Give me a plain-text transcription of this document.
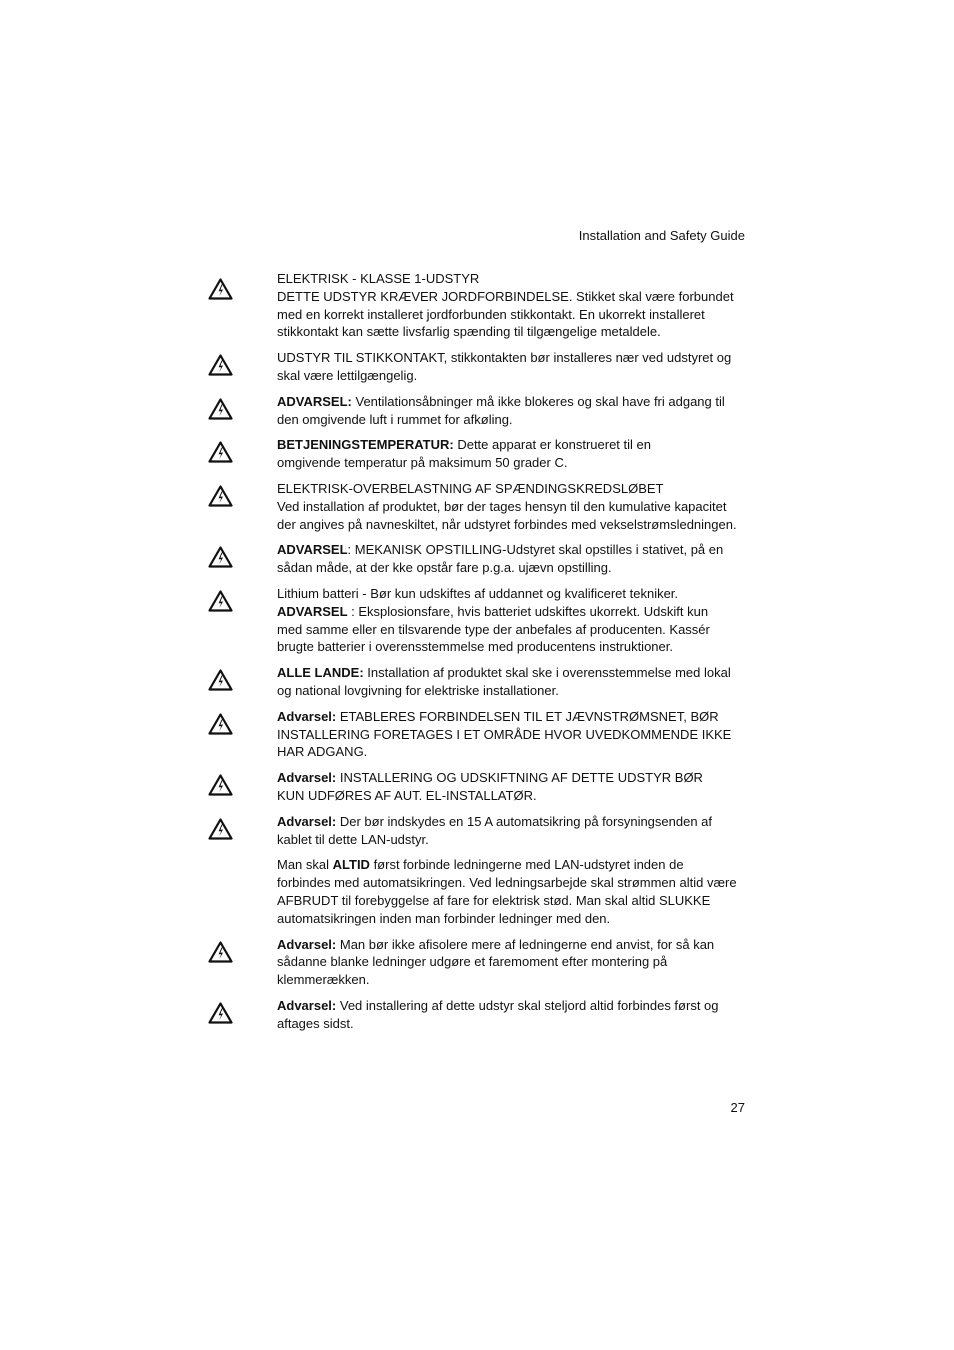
Installation and Safety Guide
ELEKTRISK - KLASSE 1-UDSTYR
DETTE UDSTYR KRÆVER JORDFORBINDELSE. Stikket skal være forbundet
med en korrekt installeret jordforbunden stikkontakt. En ukorrekt installeret
stikkontakt kan sætte livsfarlig spænding til tilgængelige metaldele.
UDSTYR TIL STIKKONTAKT, stikkontakten bør installeres nær ved udstyret og
skal være lettilgængelig.
ADVARSEL: Ventilationsåbninger må ikke blokeres og skal have fri adgang til
den omgivende luft i rummet for afkøling.
BETJENINGSTEMPERATUR: Dette apparat er konstrueret til en
omgivende temperatur på maksimum 50 grader C.
ELEKTRISK-OVERBELASTNING AF SPÆNDINGSKREDSLØBET
Ved installation af produktet, bør der tages hensyn til den kumulative kapacitet
der angives på navneskiltet, når udstyret forbindes med vekselstrømsledningen.
ADVARSEL: MEKANISK OPSTILLING-Udstyret skal opstilles i stativet, på en
sådan måde, at der kke opstår fare p.g.a. ujævn opstilling.
Lithium batteri - Bør kun udskiftes af uddannet og kvalificeret tekniker.
ADVARSEL : Eksplosionsfare, hvis batteriet udskiftes ukorrekt. Udskift kun
med samme eller en tilsvarende type der anbefales af producenten. Kassér
brugte batterier i overensstemmelse med producentens instruktioner.
ALLE LANDE: Installation af produktet skal ske i overensstemmelse med lokal
og national lovgivning for elektriske installationer.
Advarsel: ETABLERES FORBINDELSEN TIL ET JÆVNSTRØMSNET, BØR
INSTALLERING FORETAGES I ET OMRÅDE HVOR UVEDKOMMENDE IKKE
HAR ADGANG.
Advarsel: INSTALLERING OG UDSKIFTNING AF DETTE UDSTYR BØR
KUN UDFØRES AF AUT. EL-INSTALLATØR.
Advarsel: Der bør indskydes en 15 A automatsikring på forsyningsenden af
kablet til dette LAN-udstyr.
Man skal ALTID først forbinde ledningerne med LAN-udstyret inden de
forbindes med automatsikringen. Ved ledningsarbejde skal strømmen altid være
AFBRUDT til forebyggelse af fare for elektrisk stød. Man skal altid SLUKKE
automatsikringen inden man forbinder ledninger med den.
Advarsel: Man bør ikke afisolere mere af ledningerne end anvist, for så kan
sådanne blanke ledninger udgøre et faremoment efter montering på
klemmerækken.
Advarsel: Ved installering af dette udstyr skal steljord altid forbindes først og
aftages sidst.
27
